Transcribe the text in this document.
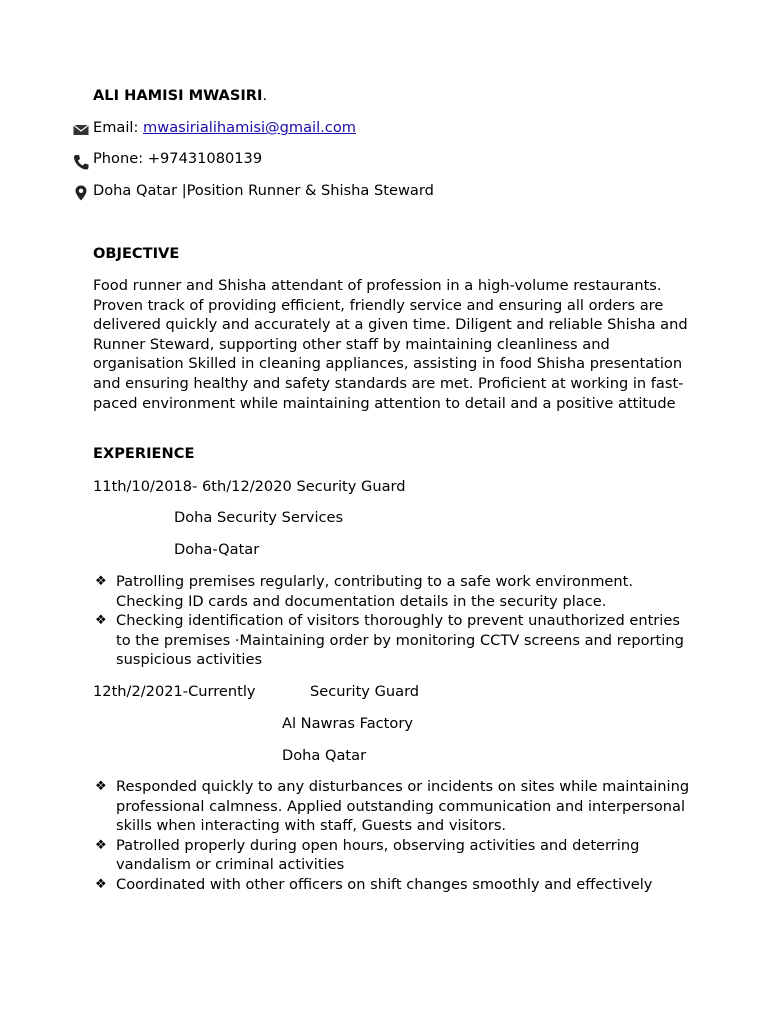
ALI HAMISI MWASIRI.
Email: mwasirialihamisi@gmail.com
Phone: +97431080139
Doha Qatar |Position Runner & Shisha Steward
OBJECTIVE
Food runner and Shisha attendant of profession in a high-volume restaurants. Proven track of providing efficient, friendly service and ensuring all orders are delivered quickly and accurately at a given time. Diligent and reliable Shisha and Runner Steward, supporting other staff by maintaining cleanliness and organisation Skilled in cleaning appliances, assisting in food Shisha presentation and ensuring healthy and safety standards are met. Proficient at working in fast-paced environment while maintaining attention to detail and a positive attitude
EXPERIENCE
11th/10/2018- 6th/12/2020 Security Guard
Doha Security Services
Doha-Qatar
❖ Patrolling premises regularly, contributing to a safe work environment. Checking ID cards and documentation details in the security place.
❖ Checking identification of visitors thoroughly to prevent unauthorized entries to the premises ·Maintaining order by monitoring CCTV screens and reporting suspicious activities
12th/2/2021-Currently	Security Guard
Al Nawras Factory
Doha Qatar
❖ Responded quickly to any disturbances or incidents on sites while maintaining professional calmness. Applied outstanding communication and interpersonal skills when interacting with staff, Guests and visitors.
❖ Patrolled properly during open hours, observing activities and deterring vandalism or criminal activities
❖ Coordinated with other officers on shift changes smoothly and effectively
